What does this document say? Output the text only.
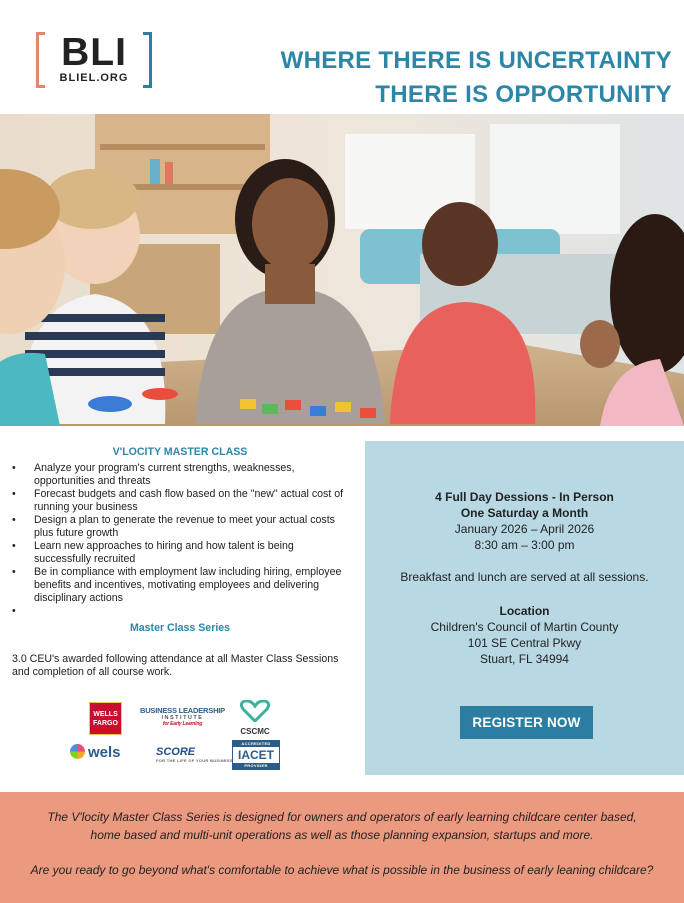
BLI
BLIEL.ORG
WHERE THERE IS UNCERTAINTY
THERE IS OPPORTUNITY
V'LOCITY MASTER CLASS
• Analyze your program's current strengths, weaknesses, opportunities and threats
• Forecast budgets and cash flow based on the "new" actual cost of running your business
• Design a plan to generate the revenue to meet your actual costs plus future growth
• Learn new approaches to hiring and how talent is being successfully recruited
• Be in compliance with employment law including hiring, employee benefits and incentives, motivating employees and delivering disciplinary actions
•
Master Class Series
3.0 CEU's awarded following attendance at all Master Class Sessions and completion of all course work.
WELLS FARGO
BUSINESS LEADERSHIP
INSTITUTE
for Early Learning
CSCMC
wels	SCORE
FOR THE LIFE OF YOUR BUSINESS
ACCREDITED
IACET
PROVIDER
4 Full Day Dessions - In Person
One Saturday a Month
January 2026 – April 2026
8:30 am – 3:00 pm
Breakfast and lunch are served at all sessions.
Location
Children's Council of Martin County
101 SE Central Pkwy
Stuart, FL 34994
REGISTER NOW
The V'locity Master Class Series is designed for owners and operators of early learning childcare center based,
home based and multi-unit operations as well as those planning expansion, startups and more.
Are you ready to go beyond what's comfortable to achieve what is possible in the business of early leaning childcare?
